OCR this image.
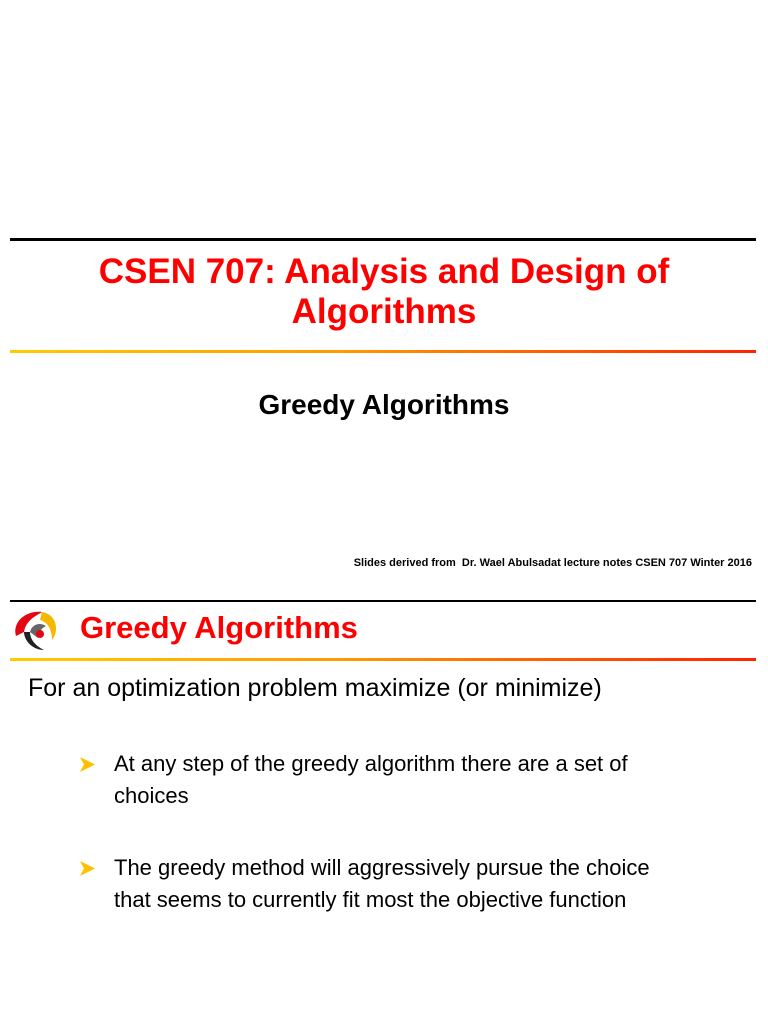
CSEN 707: Analysis and Design of
Algorithms
Greedy Algorithms
Slides derived from  Dr. Wael Abulsadat lecture notes CSEN 707 Winter 2016
Greedy Algorithms
For an optimization problem maximize (or minimize)
At any step of the greedy algorithm there are a set of
choices
The greedy method will aggressively pursue the choice
that seems to currently fit most the objective function
